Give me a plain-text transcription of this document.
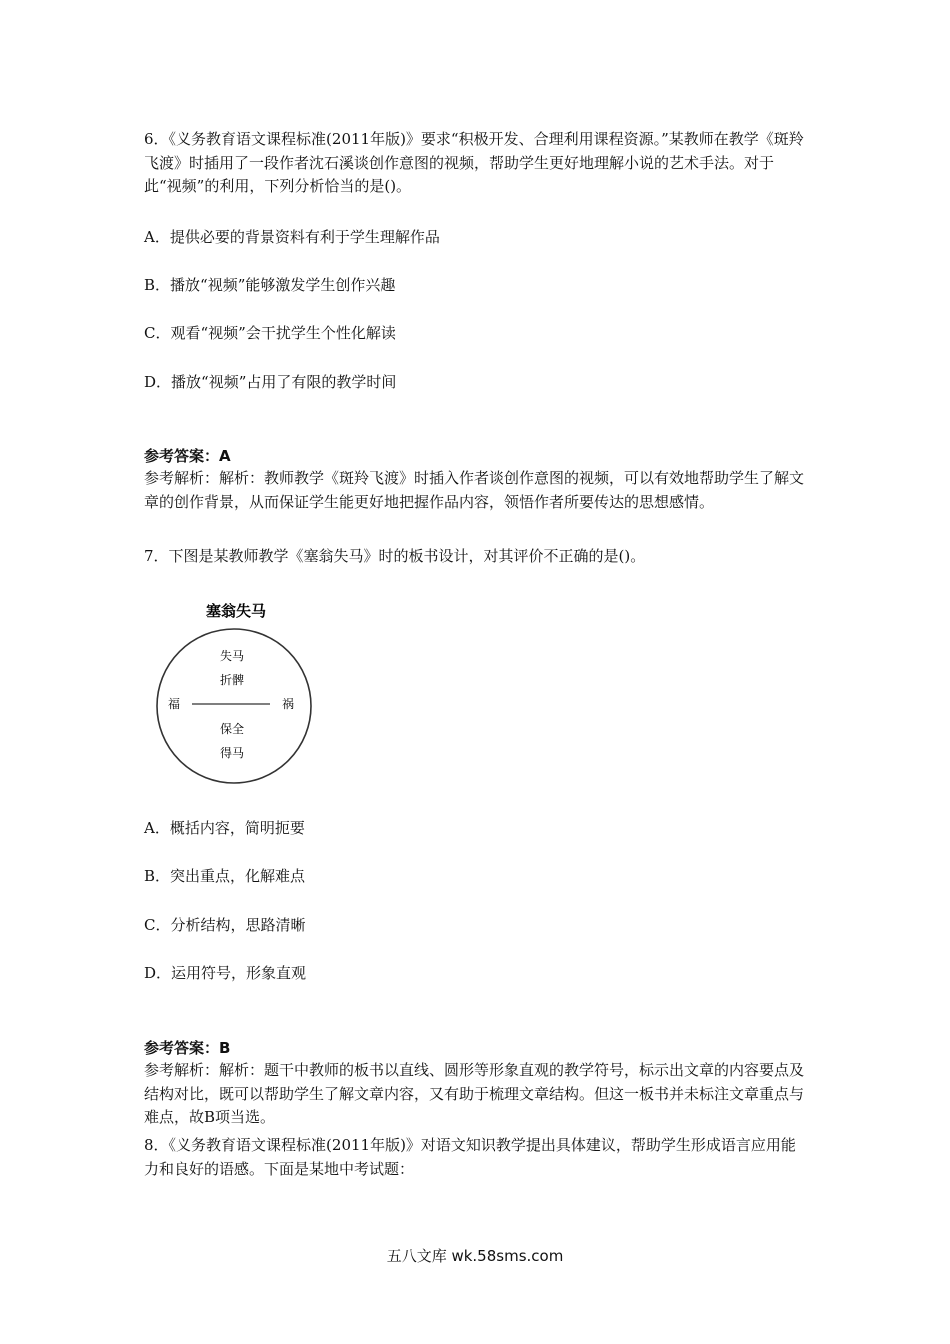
6．《义务教育语文课程标准(2011年版)》要求“积极开发、合理利用课程资源。”某教师在教学《斑羚飞渡》时插用了一段作者沈石溪谈创作意图的视频，帮助学生更好地理解小说的艺术手法。对于此“视频”的利用，下列分析恰当的是()。

A．提供必要的背景资料有利于学生理解作品

B．播放“视频”能够激发学生创作兴趣

C．观看“视频”会干扰学生个性化解读

D．播放“视频”占用了有限的教学时间

参考答案：A

参考解析：解析：教师教学《斑羚飞渡》时插入作者谈创作意图的视频，可以有效地帮助学生了解文章的创作背景，从而保证学生能更好地把握作品内容，领悟作者所要传达的思想感情。

7．下图是某教师教学《塞翁失马》时的板书设计，对其评价不正确的是()。

塞翁失马
失马
折髀
福	祸
保全
得马

A．概括内容，简明扼要

B．突出重点，化解难点

C．分析结构，思路清晰

D．运用符号，形象直观

参考答案：B

参考解析：解析：题干中教师的板书以直线、圆形等形象直观的教学符号，标示出文章的内容要点及结构对比，既可以帮助学生了解文章内容，又有助于梳理文章结构。但这一板书并未标注文章重点与难点，故B项当选。

8．《义务教育语文课程标准(2011年版)》对语文知识教学提出具体建议，帮助学生形成语言应用能力和良好的语感。下面是某地中考试题：

五八文库 wk.58sms.com
